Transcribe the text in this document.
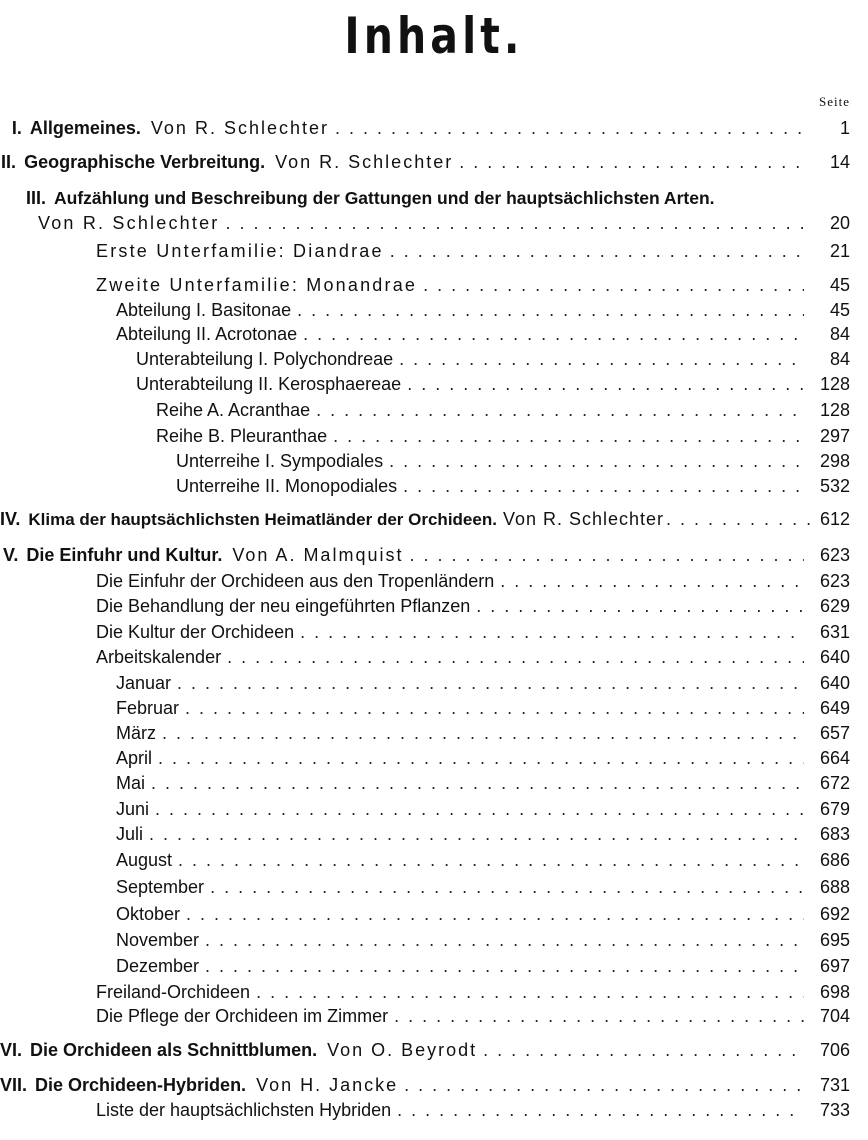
Inhalt.
Seite
I. Allgemeines. Von R. Schlechter . . .	1
II. Geographische Verbreitung. Von R. Schlechter . . .	14
III. Aufzählung und Beschreibung der Gattungen und der hauptsächlichsten Arten.
Von R. Schlechter . . .	20
Erste Unterfamilie: Diandrae . . .	21
Zweite Unterfamilie: Monandrae . . .	45
Abteilung I. Basitonae . . .	45
Abteilung II. Acrotonae . . .	84
Unterabteilung I. Polychondreae . . .	84
Unterabteilung II. Kerosphaereae . . .	128
Reihe A. Acranthae . . .	128
Reihe B. Pleuranthae . . .	297
Unterreihe I. Sympodiales . . .	298
Unterreihe II. Monopodiales . . .	532
IV. Klima der hauptsächlichsten Heimatländer der Orchideen. Von R. Schlechter . . .	612
V. Die Einfuhr und Kultur. Von A. Malmquist . . .	623
Die Einfuhr der Orchideen aus den Tropenländern . . .	623
Die Behandlung der neu eingeführten Pflanzen . . .	629
Die Kultur der Orchideen . . .	631
Arbeitskalender . . .	640
Januar . . .	640
Februar . . .	649
März . . .	657
April . . .	664
Mai . . .	672
Juni . . .	679
Juli . . .	683
August . . .	686
September . . .	688
Oktober . . .	692
November . . .	695
Dezember . . .	697
Freiland-Orchideen . . .	698
Die Pflege der Orchideen im Zimmer . . .	704
VI. Die Orchideen als Schnittblumen. Von O. Beyrodt . . .	706
VII. Die Orchideen-Hybriden. Von H. Jancke . . .	731
Liste der hauptsächlichsten Hybriden . . .	733
